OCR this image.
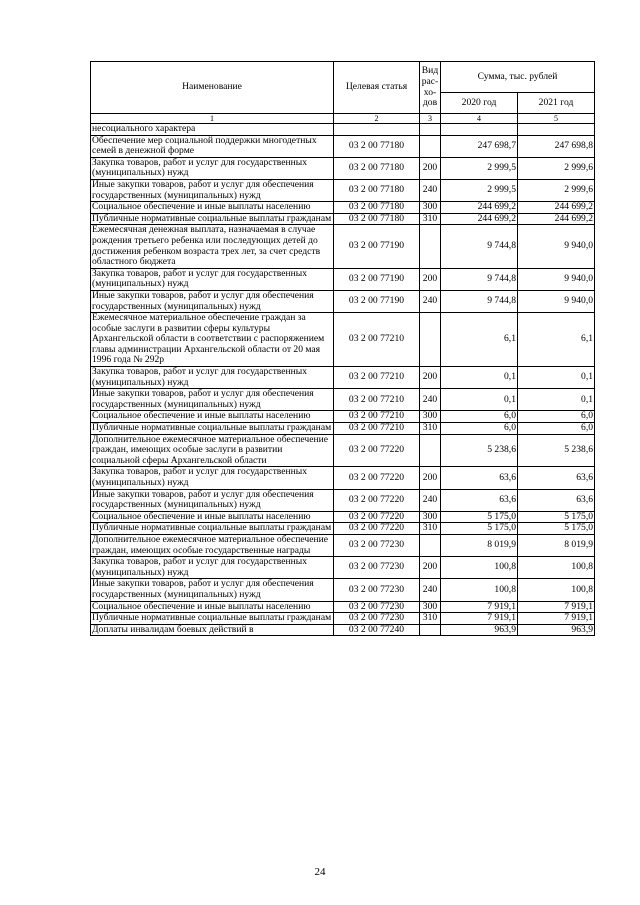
Наименование	Целевая статья	Вид рас-хо-дов	Сумма, тыс. рублей	
			2020 год	2021 год
1	2	3	4	5
несоциального характера				
Обеспечение мер социальной поддержки многодетных семей в денежной форме	03 2 00 77180		247 698,7	247 698,8
Закупка товаров, работ и услуг для государственных (муниципальных) нужд	03 2 00 77180	200	2 999,5	2 999,6
Иные закупки товаров, работ и услуг для обеспечения государственных (муниципальных) нужд	03 2 00 77180	240	2 999,5	2 999,6
Социальное обеспечение и иные выплаты населению	03 2 00 77180	300	244 699,2	244 699,2
Публичные нормативные социальные выплаты гражданам	03 2 00 77180	310	244 699,2	244 699,2
Ежемесячная денежная выплата, назначаемая в случае рождения третьего ребенка или последующих детей до достижения ребенком возраста трех лет, за счет средств областного бюджета	03 2 00 77190		9 744,8	9 940,0
Закупка товаров, работ и услуг для государственных (муниципальных) нужд	03 2 00 77190	200	9 744,8	9 940,0
Иные закупки товаров, работ и услуг для обеспечения государственных (муниципальных) нужд	03 2 00 77190	240	9 744,8	9 940,0
Ежемесячное материальное обеспечение граждан за особые заслуги в развитии сферы культуры Архангельской области в соответствии с распоряжением главы администрации Архангельской области от 20 мая 1996 года № 292р	03 2 00 77210		6,1	6,1
Закупка товаров, работ и услуг для государственных (муниципальных) нужд	03 2 00 77210	200	0,1	0,1
Иные закупки товаров, работ и услуг для обеспечения государственных (муниципальных) нужд	03 2 00 77210	240	0,1	0,1
Социальное обеспечение и иные выплаты населению	03 2 00 77210	300	6,0	6,0
Публичные нормативные социальные выплаты гражданам	03 2 00 77210	310	6,0	6,0
Дополнительное ежемесячное материальное обеспечение граждан, имеющих особые заслуги в развитии социальной сферы Архангельской области	03 2 00 77220		5 238,6	5 238,6
Закупка товаров, работ и услуг для государственных (муниципальных) нужд	03 2 00 77220	200	63,6	63,6
Иные закупки товаров, работ и услуг для обеспечения государственных (муниципальных) нужд	03 2 00 77220	240	63,6	63,6
Социальное обеспечение и иные выплаты населению	03 2 00 77220	300	5 175,0	5 175,0
Публичные нормативные социальные выплаты гражданам	03 2 00 77220	310	5 175,0	5 175,0
Дополнительное ежемесячное материальное обеспечение граждан, имеющих особые государственные награды	03 2 00 77230		8 019,9	8 019,9
Закупка товаров, работ и услуг для государственных (муниципальных) нужд	03 2 00 77230	200	100,8	100,8
Иные закупки товаров, работ и услуг для обеспечения государственных (муниципальных) нужд	03 2 00 77230	240	100,8	100,8
Социальное обеспечение и иные выплаты населению	03 2 00 77230	300	7 919,1	7 919,1
Публичные нормативные социальные выплаты гражданам	03 2 00 77230	310	7 919,1	7 919,1
Доплаты инвалидам боевых действий в	03 2 00 77240		963,9	963,9
24
